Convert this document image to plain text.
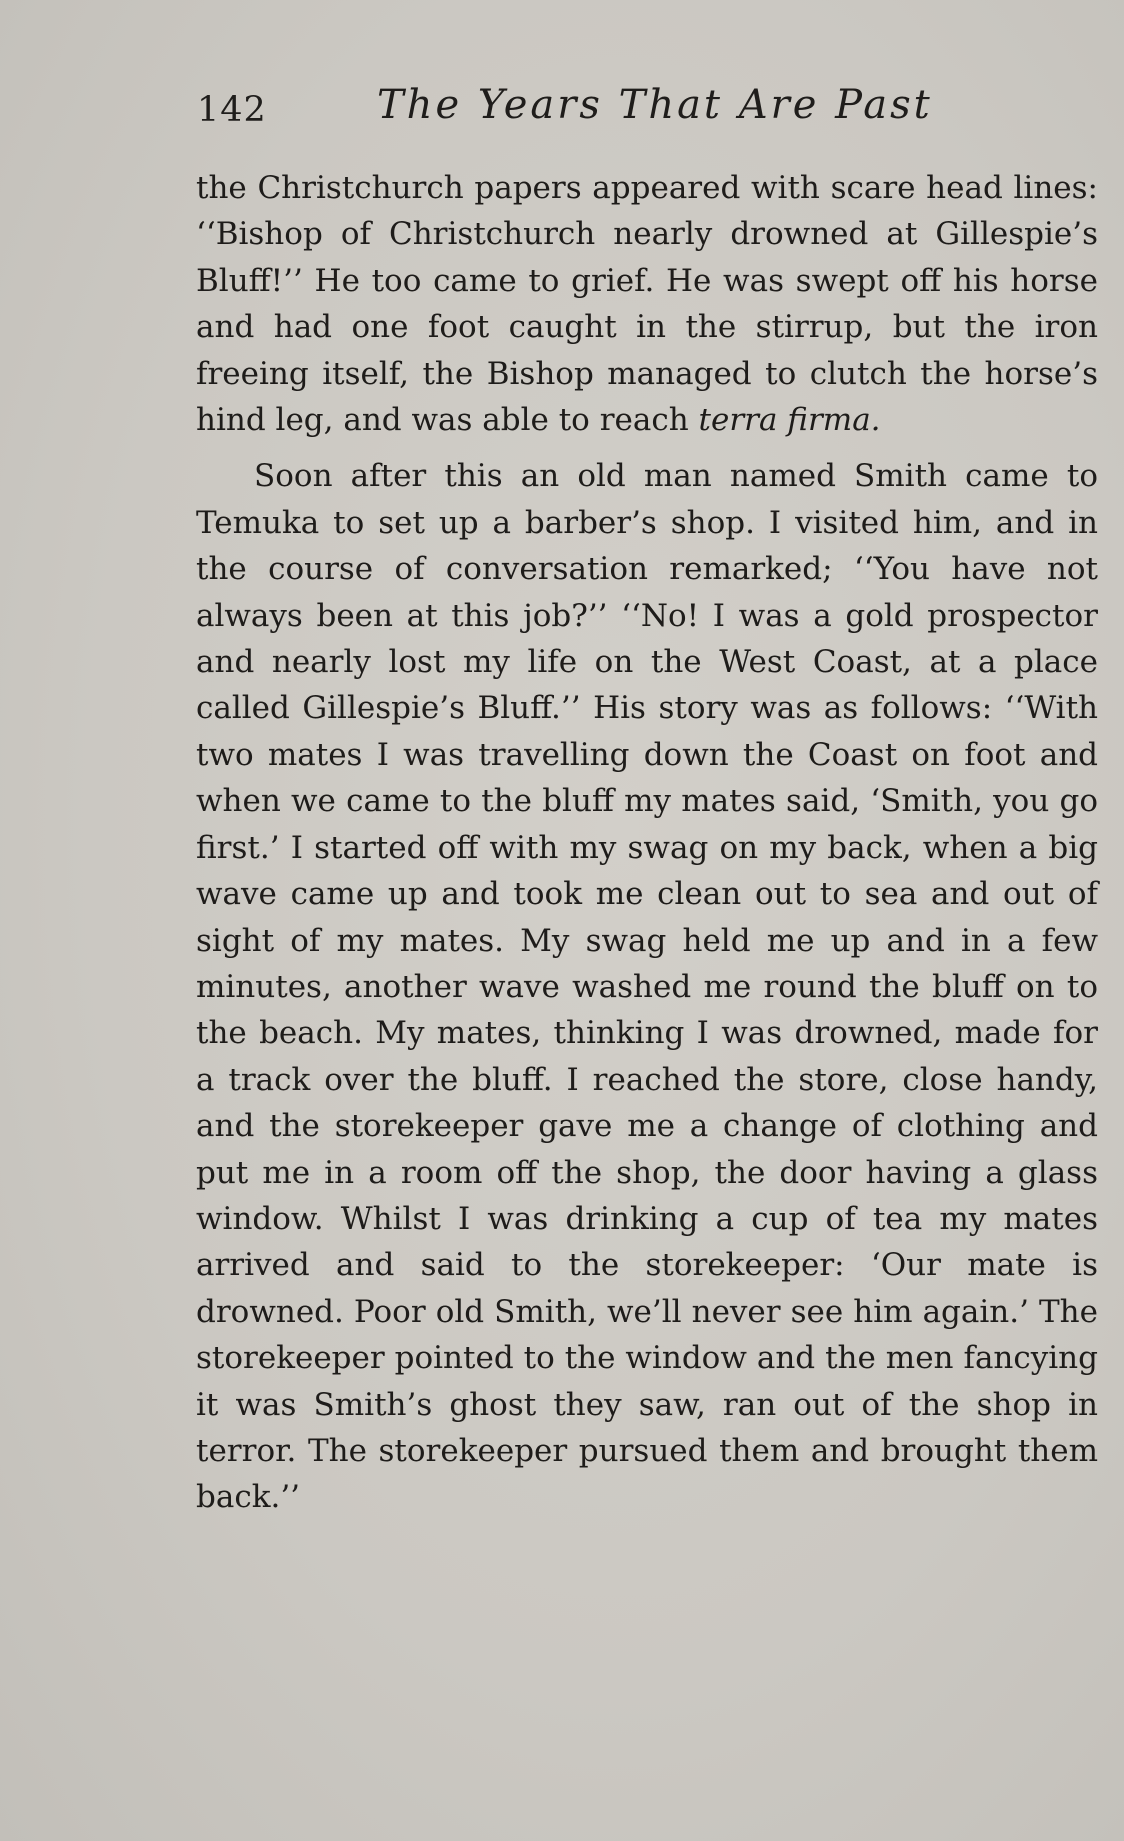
142	The Years That Are Past

the Christchurch papers appeared with scare head lines: ‘‘Bishop of Christchurch nearly drowned at Gillespie’s Bluff!’’ He too came to grief. He was swept off his horse and had one foot caught in the stirrup, but the iron freeing itself, the Bishop managed to clutch the horse’s hind leg, and was able to reach terra firma.

Soon after this an old man named Smith came to Temuka to set up a barber’s shop. I visited him, and in the course of conversation remarked; ‘‘You have not always been at this job?’’ ‘‘No! I was a gold prospector and nearly lost my life on the West Coast, at a place called Gillespie’s Bluff.’’ His story was as follows: ‘‘With two mates I was travelling down the Coast on foot and when we came to the bluff my mates said, ‘Smith, you go first.’ I started off with my swag on my back, when a big wave came up and took me clean out to sea and out of sight of my mates. My swag held me up and in a few minutes, another wave washed me round the bluff on to the beach. My mates, thinking I was drowned, made for a track over the bluff. I reached the store, close handy, and the storekeeper gave me a change of clothing and put me in a room off the shop, the door having a glass window. Whilst I was drinking a cup of tea my mates arrived and said to the storekeeper: ‘Our mate is drowned. Poor old Smith, we’ll never see him again.’ The storekeeper pointed to the window and the men fancying it was Smith’s ghost they saw, ran out of the shop in terror. The storekeeper pursued them and brought them back.’’
